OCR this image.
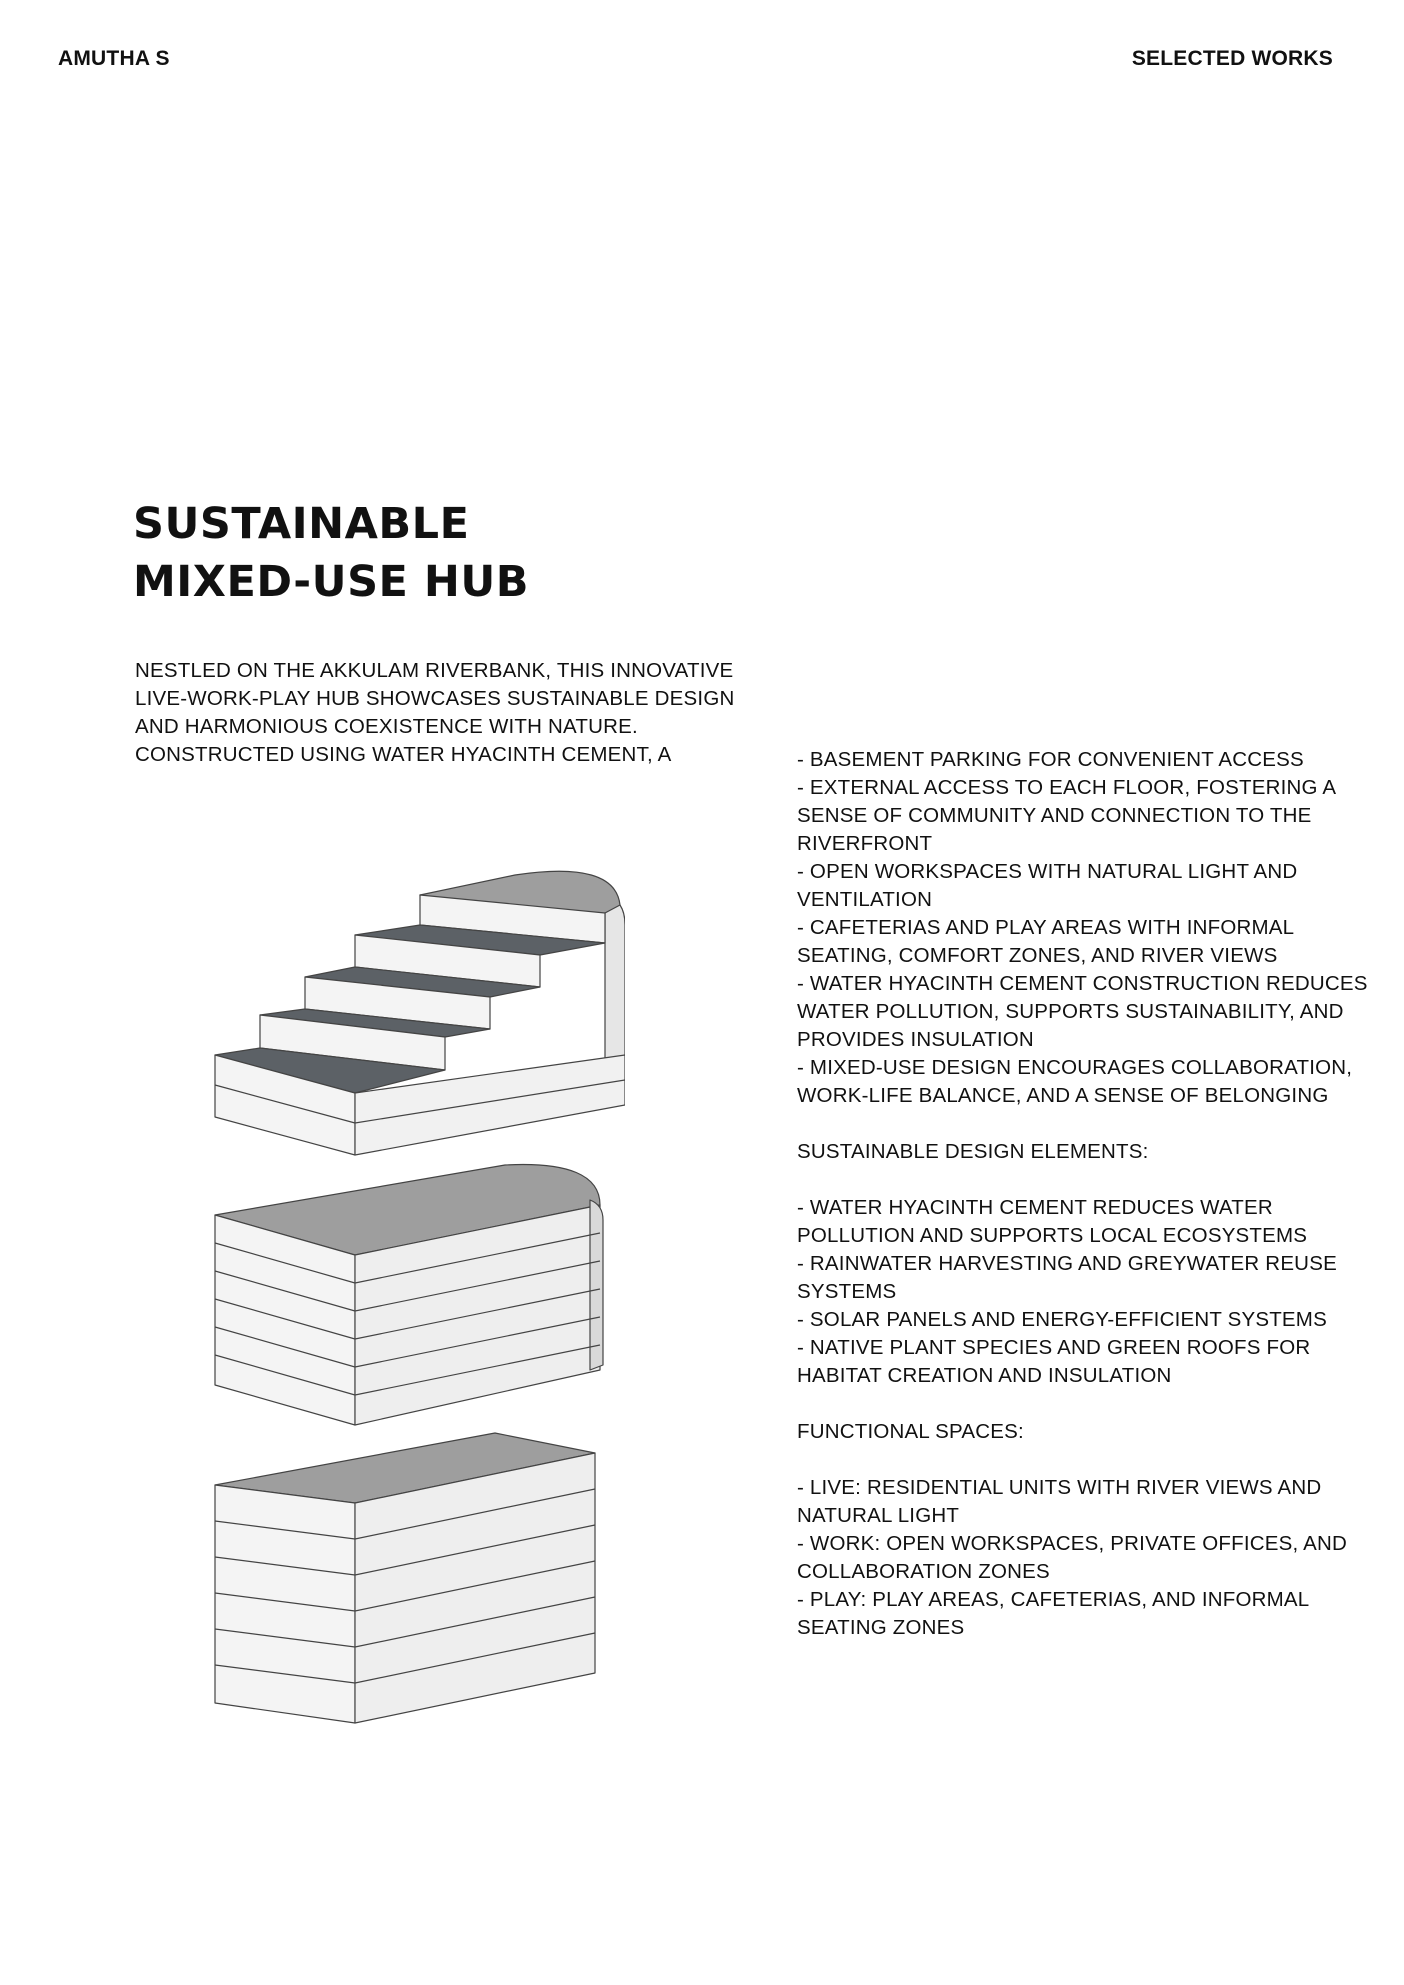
AMUTHA S	SELECTED WORKS
SUSTAINABLE
MIXED-USE HUB

NESTLED ON THE AKKULAM RIVERBANK, THIS INNOVATIVE
LIVE-WORK-PLAY HUB SHOWCASES SUSTAINABLE DESIGN
AND HARMONIOUS COEXISTENCE WITH NATURE.
CONSTRUCTED USING WATER HYACINTH CEMENT, A	- BASEMENT PARKING FOR CONVENIENT ACCESS
- EXTERNAL ACCESS TO EACH FLOOR, FOSTERING A
SENSE OF COMMUNITY AND CONNECTION TO THE
RIVERFRONT
- OPEN WORKSPACES WITH NATURAL LIGHT AND
VENTILATION
- CAFETERIAS AND PLAY AREAS WITH INFORMAL
SEATING, COMFORT ZONES, AND RIVER VIEWS
- WATER HYACINTH CEMENT CONSTRUCTION REDUCES
WATER POLLUTION, SUPPORTS SUSTAINABILITY, AND
PROVIDES INSULATION
- MIXED-USE DESIGN ENCOURAGES COLLABORATION,
WORK-LIFE BALANCE, AND A SENSE OF BELONGING
SUSTAINABLE DESIGN ELEMENTS:
- WATER HYACINTH CEMENT REDUCES WATER
POLLUTION AND SUPPORTS LOCAL ECOSYSTEMS
- RAINWATER HARVESTING AND GREYWATER REUSE
SYSTEMS
- SOLAR PANELS AND ENERGY-EFFICIENT SYSTEMS
- NATIVE PLANT SPECIES AND GREEN ROOFS FOR
HABITAT CREATION AND INSULATION
FUNCTIONAL SPACES:
- LIVE: RESIDENTIAL UNITS WITH RIVER VIEWS AND
NATURAL LIGHT
- WORK: OPEN WORKSPACES, PRIVATE OFFICES, AND
COLLABORATION ZONES
- PLAY: PLAY AREAS, CAFETERIAS, AND INFORMAL
SEATING ZONES
